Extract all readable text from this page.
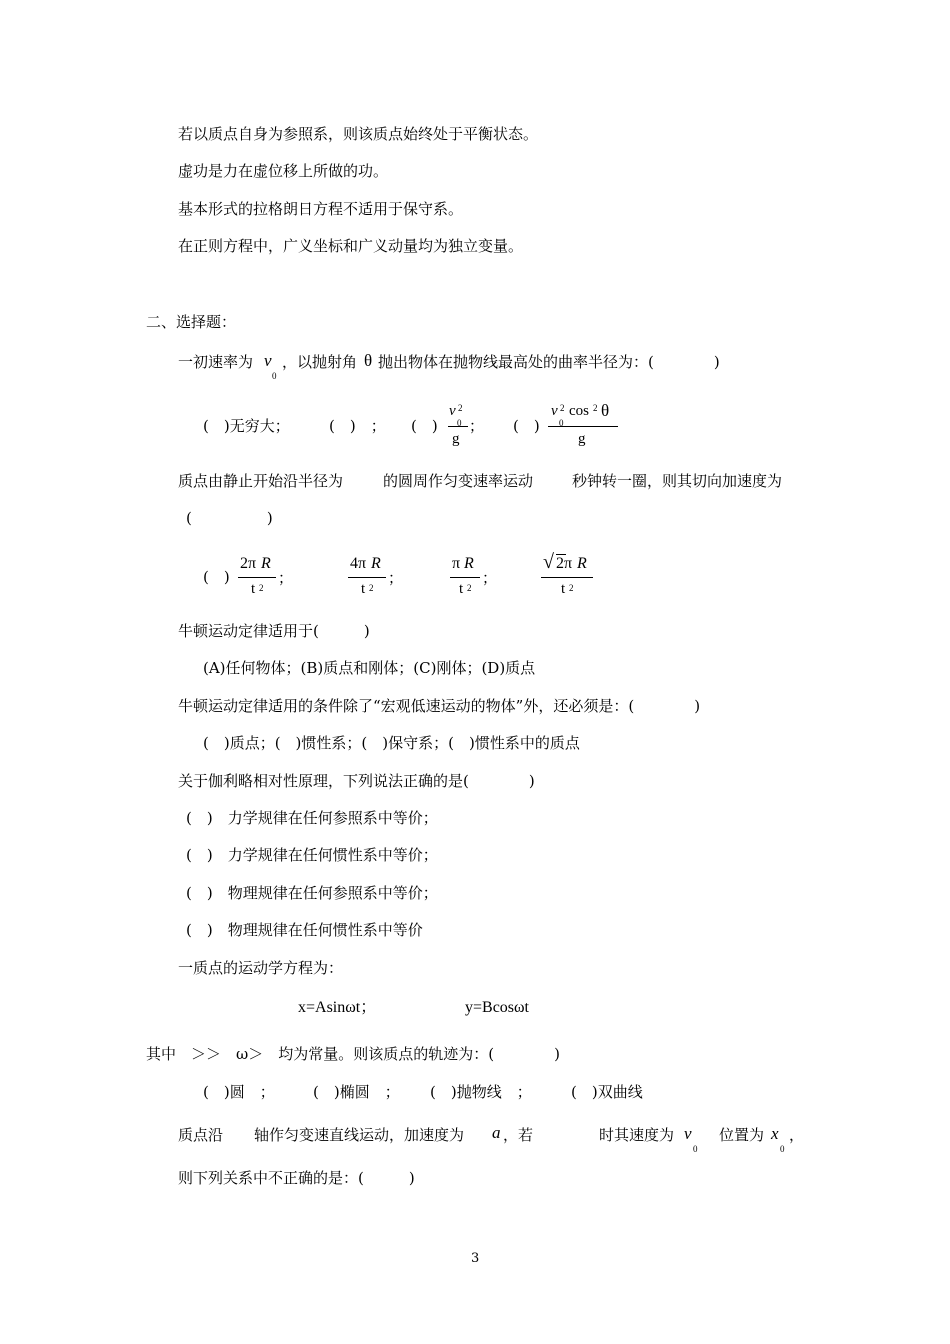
若以质点自身为参照系，则该质点始终处于平衡状态。
虚功是力在虚位移上所做的功。
基本形式的拉格朗日方程不适用于保守系。
在正则方程中，广义坐标和广义动量均为独立变量。
二、选择题：
一初速率为 v
0
，以抛射角 θ 抛出物体在抛物线最高处的曲率半径为：(　　　　)
(　)无穷大；	(　)　； (　)
v 2
0
g
； (　)
v 2
0
cos 2 θ
g
质点由静止开始沿半径为	的圆周作匀变速率运动	秒钟转一圈，则其切向加速度为
(　　　　　)
(　)
2π R
t 2
；
4π R
t 2
；
π R
t 2
；
√ 2π R
t 2
牛顿运动定律适用于(　　　)
(A)任何物体；(B)质点和刚体；(C)刚体；(D)质点
牛顿运动定律适用的条件除了“宏观低速运动的物体”外，还必须是：(　　　　)
(　)质点；(　)惯性系；(　)保守系；(　)惯性系中的质点
关于伽利略相对性原理，下列说法正确的是(　　　　)
(　)　力学规律在任何参照系中等价；
(　)　力学规律在任何惯性系中等价；
(　)　物理规律在任何参照系中等价；
(　)　物理规律在任何惯性系中等价
一质点的运动学方程为：
x=Asinωt；	y=Bcosωt
其中　＞＞　ω＞　均为常量。则该质点的轨迹为：(　　　　)
(　)圆　；	(　)椭圆　； (　)抛物线　；	(　)双曲线
质点沿 轴作匀变速直线运动，加速度为 a ，若	时其速度为 v
0
位置为 x
0
，
则下列关系中不正确的是：(　　　)
3
